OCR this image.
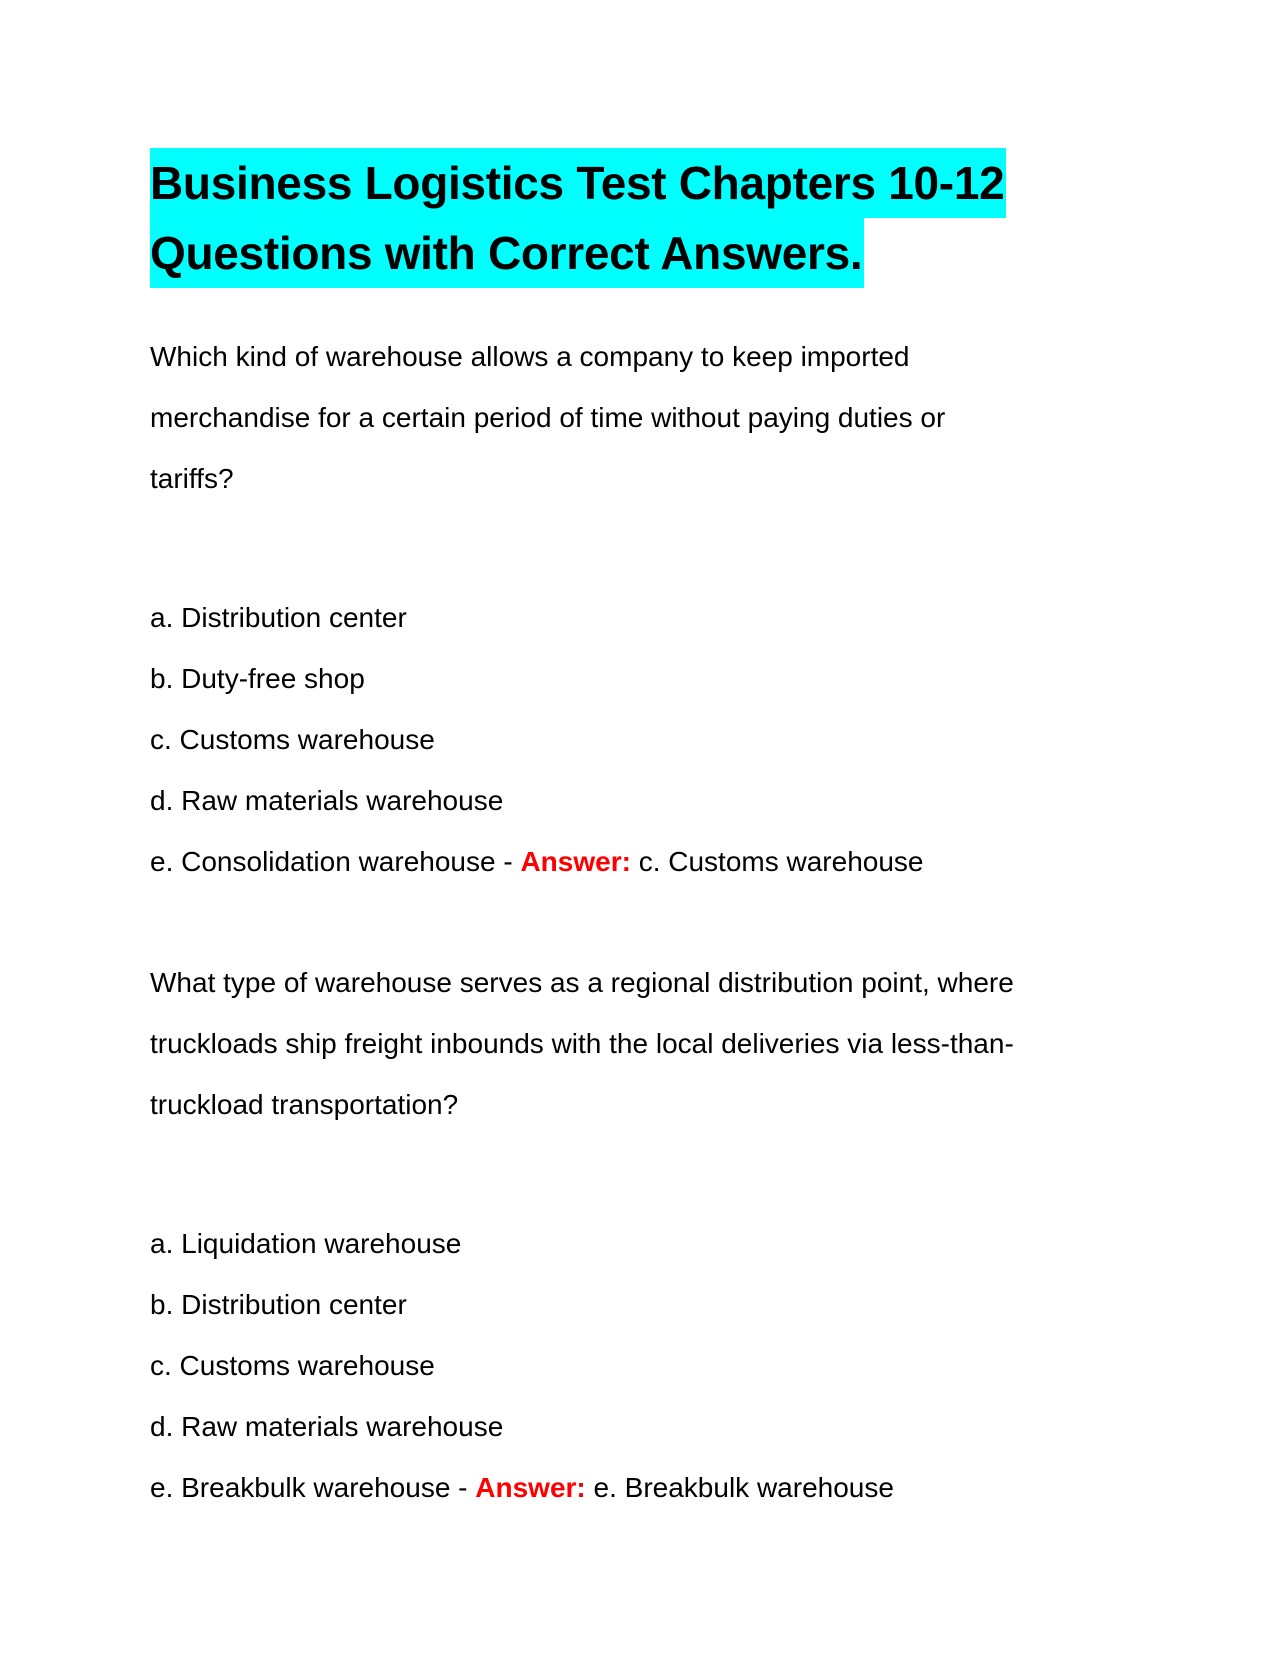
Business Logistics Test Chapters 10-12
Questions with Correct Answers.
Which kind of warehouse allows a company to keep imported
merchandise for a certain period of time without paying duties or
tariffs?
a. Distribution center
b. Duty-free shop
c. Customs warehouse
d. Raw materials warehouse
e. Consolidation warehouse - Answer: c. Customs warehouse
What type of warehouse serves as a regional distribution point, where
truckloads ship freight inbounds with the local deliveries via less-than-
truckload transportation?
a. Liquidation warehouse
b. Distribution center
c. Customs warehouse
d. Raw materials warehouse
e. Breakbulk warehouse - Answer: e. Breakbulk warehouse
